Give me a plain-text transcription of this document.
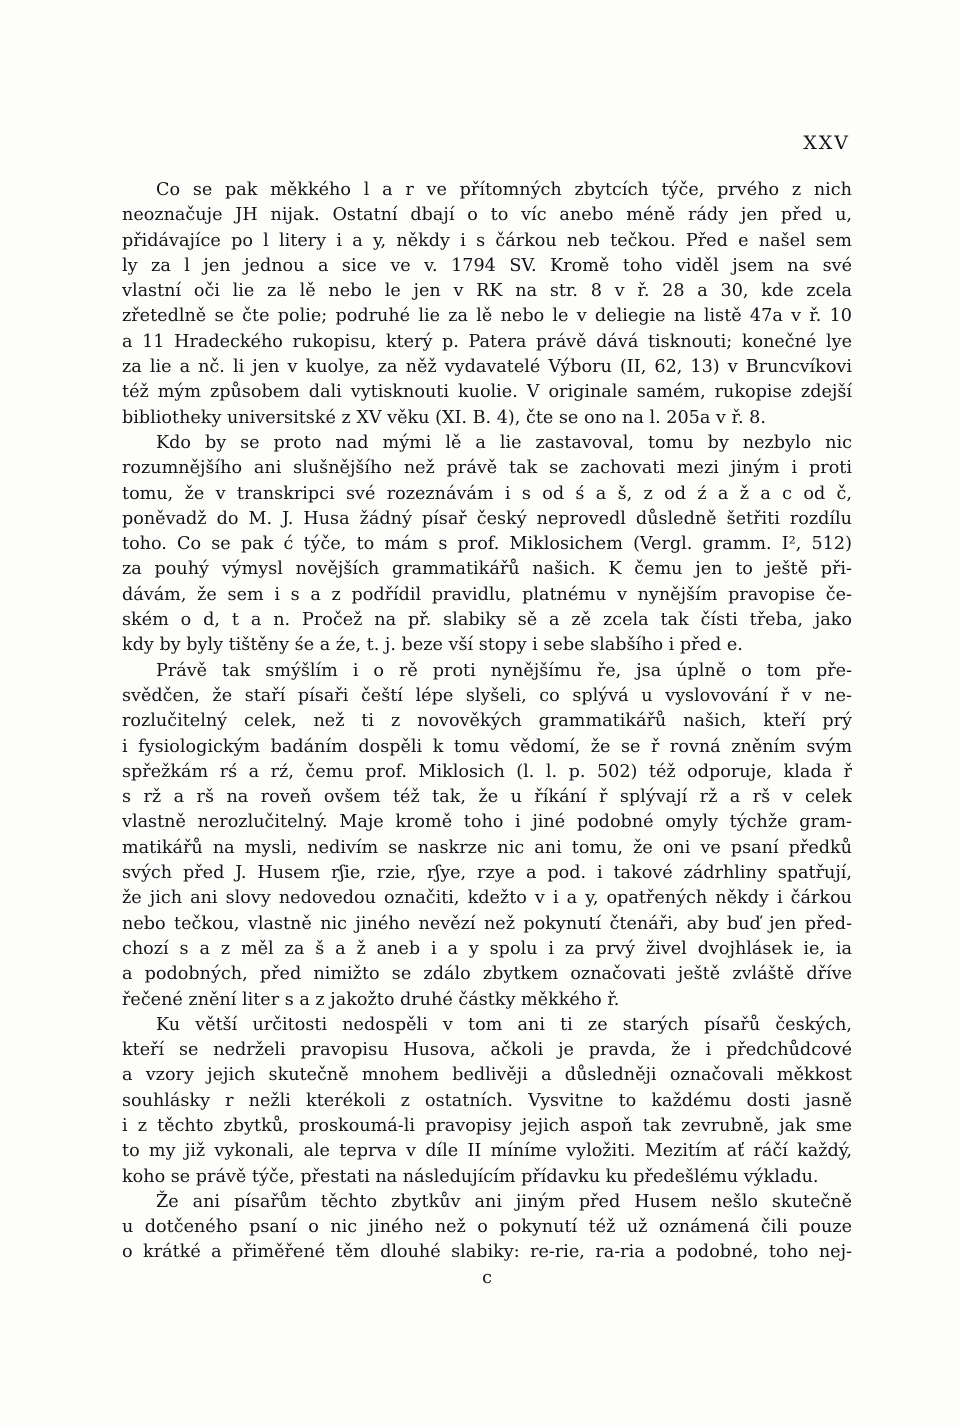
XXV
Co se pak měkkého l a r ve přítomných zbytcích týče, prvého z nich
neoznačuje JH nijak. Ostatní dbají o to víc anebo méně rády jen před u,
přidávajíce po l litery i a y, někdy i s čárkou neb tečkou. Před e našel sem
ly za l jen jednou a sice ve v. 1794 SV. Kromě toho viděl jsem na své
vlastní oči lie za lě nebo le jen v RK na str. 8 v ř. 28 a 30, kde zcela
zřetedlně se čte polie; podruhé lie za lě nebo le v deliegie na listě 47a v ř. 10
a 11 Hradeckého rukopisu, který p. Patera právě dává tisknouti; konečné lye
za lie a nč. li jen v kuolye, za něž vydavatelé Výboru (II, 62, 13) v Bruncvíkovi
též mým způsobem dali vytisknouti kuolie. V originale samém, rukopise zdejší
bibliotheky universitské z XV věku (XI. B. 4), čte se ono na l. 205a v ř. 8.
Kdo by se proto nad mými lě a lie zastavoval, tomu by nezbylo nic
rozumnějšího ani slušnějšího než právě tak se zachovati mezi jiným i proti
tomu, že v transkripci své rozeznávám i s od ś a š, z od ź a ž a c od č,
poněvadž do M. J. Husa žádný písař český neprovedl důsledně šetřiti rozdílu
toho. Co se pak ć týče, to mám s prof. Miklosichem (Vergl. gramm. I², 512)
za pouhý výmysl novějších grammatikářů našich. K čemu jen to ještě při-
dávám, že sem i s a z podřídil pravidlu, platnému v nynějším pravopise če-
ském o d, t a n. Pročež na př. slabiky sě a zě zcela tak čísti třeba, jako
kdy by byly tištěny śe a źe, t. j. beze vší stopy i sebe slabšího i před e.
Právě tak smýšlím i o rě proti nynějšímu ře, jsa úplně o tom pře-
svědčen, že staří písaři čeští lépe slyšeli, co splývá u vyslovování ř v ne-
rozlučitelný celek, než ti z novověkých grammatikářů našich, kteří prý
i fysiologickým badáním dospěli k tomu vědomí, že se ř rovná zněním svým
spřežkám rś a rź, čemu prof. Miklosich (l. l. p. 502) též odporuje, klada ř
s rž a rš na roveň ovšem též tak, že u říkání ř splývají rž a rš v celek
vlastně nerozlučitelný. Maje kromě toho i jiné podobné omyly týchže gram-
matikářů na mysli, nedivím se naskrze nic ani tomu, že oni ve psaní předků
svých před J. Husem rʃie, rzie, rʃye, rzye a pod. i takové zádrhliny spatřují,
že jich ani slovy nedovedou označiti, kdežto v i a y, opatřených někdy i čárkou
nebo tečkou, vlastně nic jiného nevězí než pokynutí čtenáři, aby buď jen před-
chozí s a z měl za š a ž aneb i a y spolu i za prvý živel dvojhlásek ie, ia
a podobných, před nimižto se zdálo zbytkem označovati ještě zvláště dříve
řečené znění liter s a z jakožto druhé částky měkkého ř.
Ku větší určitosti nedospěli v tom ani ti ze starých písařů českých,
kteří se nedrželi pravopisu Husova, ačkoli je pravda, že i předchůdcové
a vzory jejich skutečně mnohem bedlivěji a důsledněji označovali měkkost
souhlásky r nežli kterékoli z ostatních. Vysvitne to každému dosti jasně
i z těchto zbytků, proskoumá-li pravopisy jejich aspoň tak zevrubně, jak sme
to my již vykonali, ale teprva v díle II míníme vyložiti. Mezitím ať ráčí každý,
koho se právě týče, přestati na následujícím přídavku ku předešlému výkladu.
Že ani písařům těchto zbytkův ani jiným před Husem nešlo skutečně
u dotčeného psaní o nic jiného než o pokynutí též už oznámená čili pouze
o krátké a přiměřené těm dlouhé slabiky: re-rie, ra-ria a podobné, toho nej-
c
